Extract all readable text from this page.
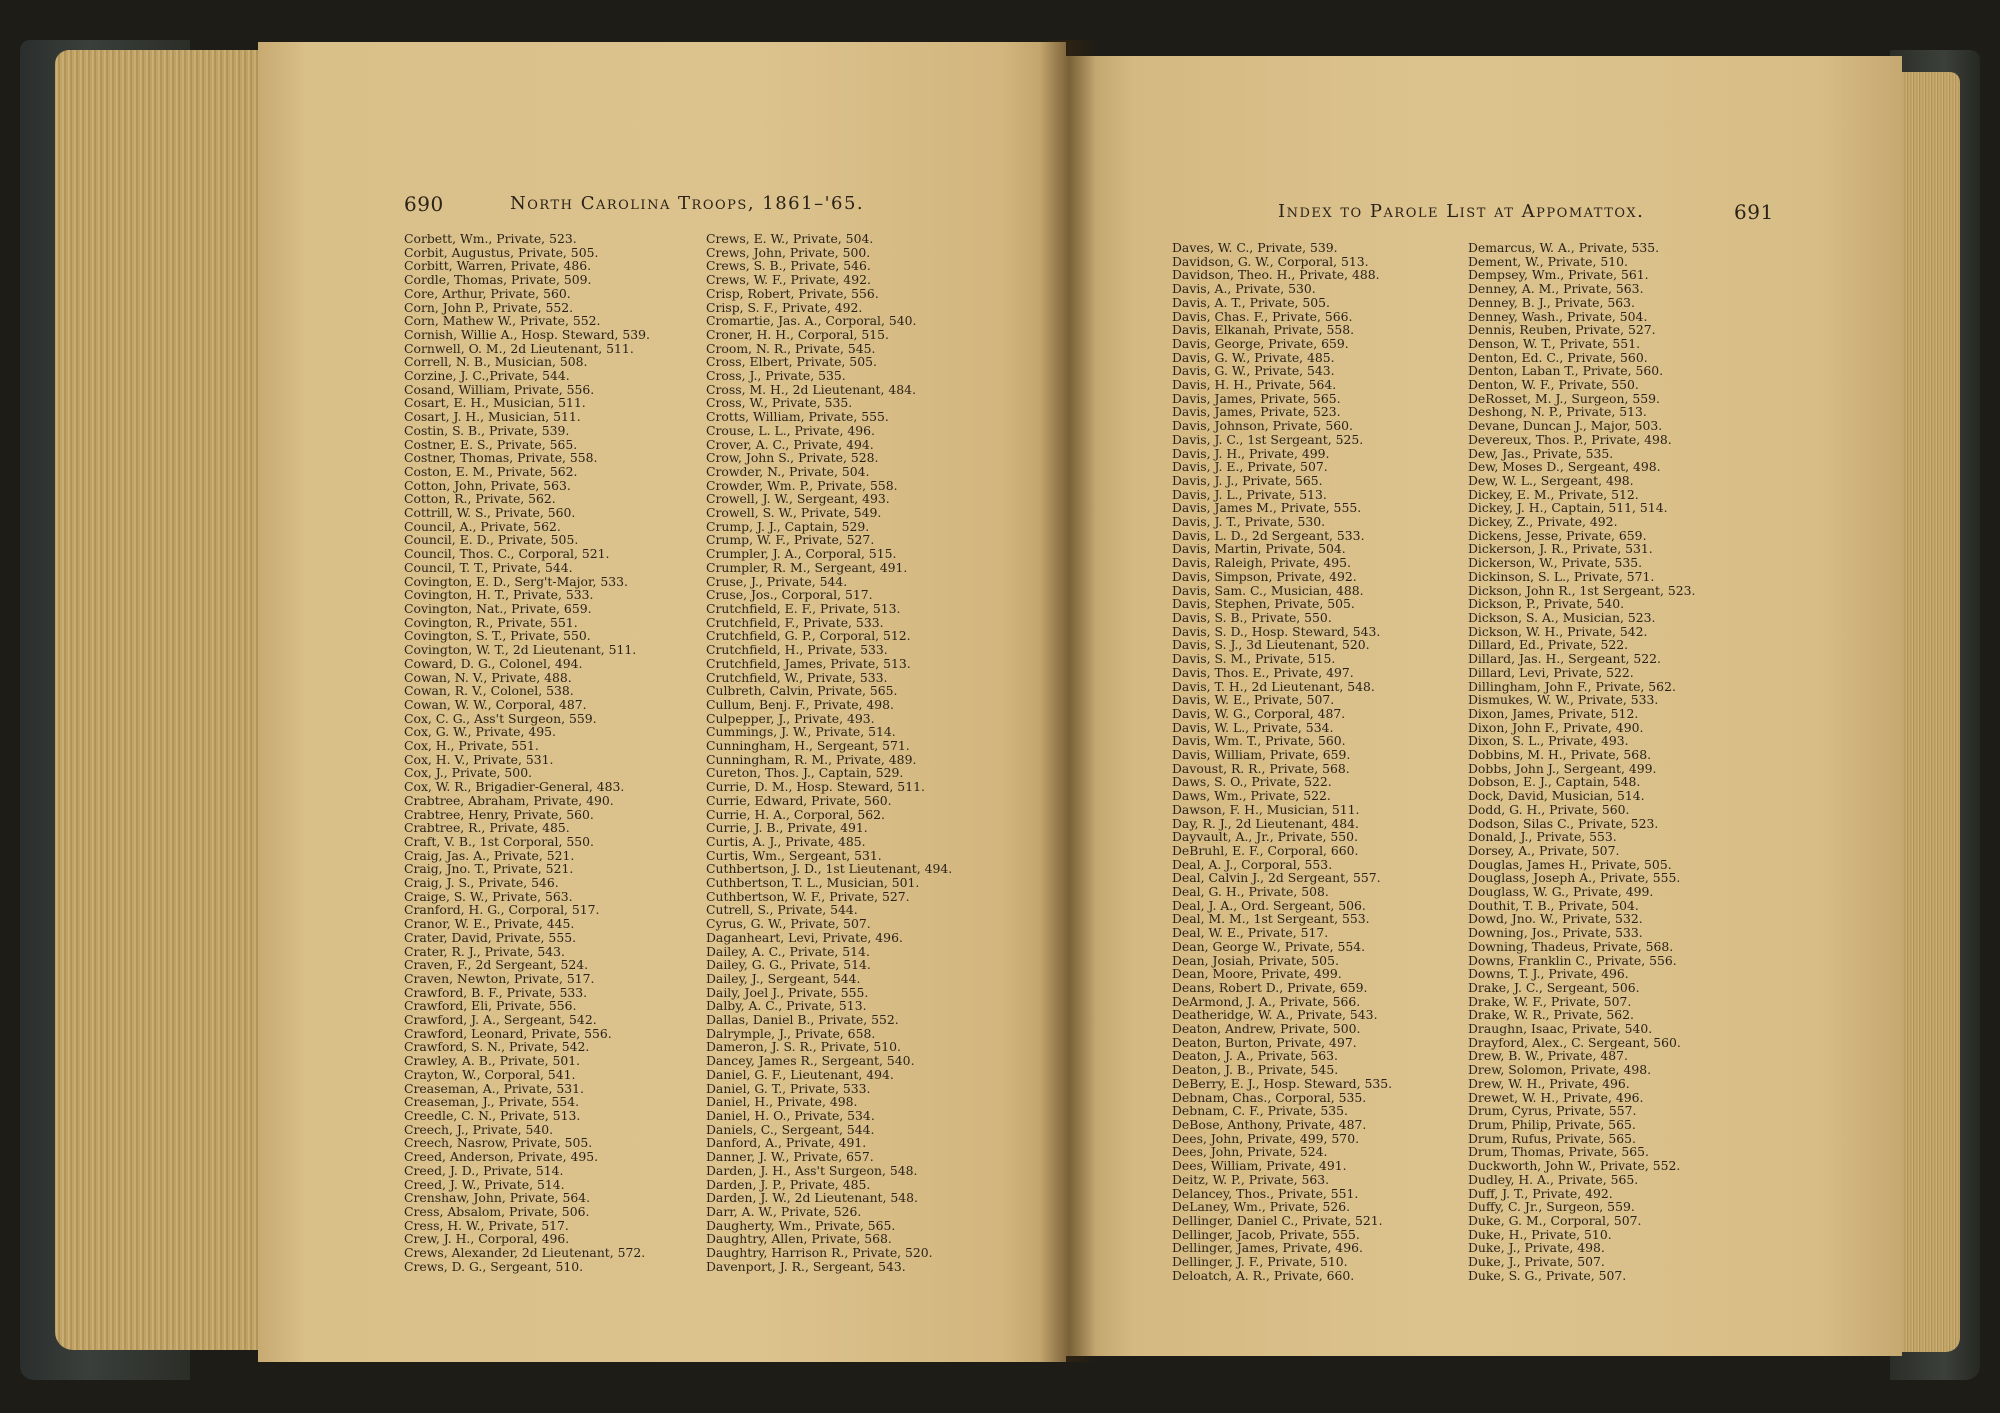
690	North Carolina Troops, 1861–'65.
Corbett, Wm., Private, 523.
Corbit, Augustus, Private, 505.
Corbitt, Warren, Private, 486.
Cordle, Thomas, Private, 509.
Core, Arthur, Private, 560.
Corn, John P., Private, 552.
Corn, Mathew W., Private, 552.
Cornish, Willie A., Hosp. Steward, 539.
Cornwell, O. M., 2d Lieutenant, 511.
Correll, N. B., Musician, 508.
Corzine, J. C.,Private, 544.
Cosand, William, Private, 556.
Cosart, E. H., Musician, 511.
Cosart, J. H., Musician, 511.
Costin, S. B., Private, 539.
Costner, E. S., Private, 565.
Costner, Thomas, Private, 558.
Coston, E. M., Private, 562.
Cotton, John, Private, 563.
Cotton, R., Private, 562.
Cottrill, W. S., Private, 560.
Council, A., Private, 562.
Council, E. D., Private, 505.
Council, Thos. C., Corporal, 521.
Council, T. T., Private, 544.
Covington, E. D., Serg't-Major, 533.
Covington, H. T., Private, 533.
Covington, Nat., Private, 659.
Covington, R., Private, 551.
Covington, S. T., Private, 550.
Covington, W. T., 2d Lieutenant, 511.
Coward, D. G., Colonel, 494.
Cowan, N. V., Private, 488.
Cowan, R. V., Colonel, 538.
Cowan, W. W., Corporal, 487.
Cox, C. G., Ass't Surgeon, 559.
Cox, G. W., Private, 495.
Cox, H., Private, 551.
Cox, H. V., Private, 531.
Cox, J., Private, 500.
Cox, W. R., Brigadier-General, 483.
Crabtree, Abraham, Private, 490.
Crabtree, Henry, Private, 560.
Crabtree, R., Private, 485.
Craft, V. B., 1st Corporal, 550.
Craig, Jas. A., Private, 521.
Craig, Jno. T., Private, 521.
Craig, J. S., Private, 546.
Craige, S. W., Private, 563.
Cranford, H. G., Corporal, 517.
Cranor, W. E., Private, 445.
Crater, David, Private, 555.
Crater, R. J., Private, 543.
Craven, F., 2d Sergeant, 524.
Craven, Newton, Private, 517.
Crawford, B. F., Private, 533.
Crawford, Eli, Private, 556.
Crawford, J. A., Sergeant, 542.
Crawford, Leonard, Private, 556.
Crawford, S. N., Private, 542.
Crawley, A. B., Private, 501.
Crayton, W., Corporal, 541.
Creaseman, A., Private, 531.
Creaseman, J., Private, 554.
Creedle, C. N., Private, 513.
Creech, J., Private, 540.
Creech, Nasrow, Private, 505.
Creed, Anderson, Private, 495.
Creed, J. D., Private, 514.
Creed, J. W., Private, 514.
Crenshaw, John, Private, 564.
Cress, Absalom, Private, 506.
Cress, H. W., Private, 517.
Crew, J. H., Corporal, 496.
Crews, Alexander, 2d Lieutenant, 572.
Crews, D. G., Sergeant, 510.
Crews, E. W., Private, 504.
Crews, John, Private, 500.
Crews, S. B., Private, 546.
Crews, W. F., Private, 492.
Crisp, Robert, Private, 556.
Crisp, S. F., Private, 492.
Cromartie, Jas. A., Corporal, 540.
Croner, H. H., Corporal, 515.
Croom, N. R., Private, 545.
Cross, Elbert, Private, 505.
Cross, J., Private, 535.
Cross, M. H., 2d Lieutenant, 484.
Cross, W., Private, 535.
Crotts, William, Private, 555.
Crouse, L. L., Private, 496.
Crover, A. C., Private, 494.
Crow, John S., Private, 528.
Crowder, N., Private, 504.
Crowder, Wm. P., Private, 558.
Crowell, J. W., Sergeant, 493.
Crowell, S. W., Private, 549.
Crump, J. J., Captain, 529.
Crump, W. F., Private, 527.
Crumpler, J. A., Corporal, 515.
Crumpler, R. M., Sergeant, 491.
Cruse, J., Private, 544.
Cruse, Jos., Corporal, 517.
Crutchfield, E. F., Private, 513.
Crutchfield, F., Private, 533.
Crutchfield, G. P., Corporal, 512.
Crutchfield, H., Private, 533.
Crutchfield, James, Private, 513.
Crutchfield, W., Private, 533.
Culbreth, Calvin, Private, 565.
Cullum, Benj. F., Private, 498.
Culpepper, J., Private, 493.
Cummings, J. W., Private, 514.
Cunningham, H., Sergeant, 571.
Cunningham, R. M., Private, 489.
Cureton, Thos. J., Captain, 529.
Currie, D. M., Hosp. Steward, 511.
Currie, Edward, Private, 560.
Currie, H. A., Corporal, 562.
Currie, J. B., Private, 491.
Curtis, A. J., Private, 485.
Curtis, Wm., Sergeant, 531.
Cuthbertson, J. D., 1st Lieutenant, 494.
Cuthbertson, T. L., Musician, 501.
Cuthbertson, W. F., Private, 527.
Cutrell, S., Private, 544.
Cyrus, G. W., Private, 507.
Daganheart, Levi, Private, 496.
Dailey, A. C., Private, 514.
Dailey, G. G., Private, 514.
Dailey, J., Sergeant, 544.
Daily, Joel J., Private, 555.
Dalby, A. C., Private, 513.
Dallas, Daniel B., Private, 552.
Dalrymple, J., Private, 658.
Dameron, J. S. R., Private, 510.
Dancey, James R., Sergeant, 540.
Daniel, G. F., Lieutenant, 494.
Daniel, G. T., Private, 533.
Daniel, H., Private, 498.
Daniel, H. O., Private, 534.
Daniels, C., Sergeant, 544.
Danford, A., Private, 491.
Danner, J. W., Private, 657.
Darden, J. H., Ass't Surgeon, 548.
Darden, J. P., Private, 485.
Darden, J. W., 2d Lieutenant, 548.
Darr, A. W., Private, 526.
Daugherty, Wm., Private, 565.
Daughtry, Allen, Private, 568.
Daughtry, Harrison R., Private, 520.
Davenport, J. R., Sergeant, 543.
Index to Parole List at Appomattox.	691
Daves, W. C., Private, 539.
Davidson, G. W., Corporal, 513.
Davidson, Theo. H., Private, 488.
Davis, A., Private, 530.
Davis, A. T., Private, 505.
Davis, Chas. F., Private, 566.
Davis, Elkanah, Private, 558.
Davis, George, Private, 659.
Davis, G. W., Private, 485.
Davis, G. W., Private, 543.
Davis, H. H., Private, 564.
Davis, James, Private, 565.
Davis, James, Private, 523.
Davis, Johnson, Private, 560.
Davis, J. C., 1st Sergeant, 525.
Davis, J. H., Private, 499.
Davis, J. E., Private, 507.
Davis, J. J., Private, 565.
Davis, J. L., Private, 513.
Davis, James M., Private, 555.
Davis, J. T., Private, 530.
Davis, L. D., 2d Sergeant, 533.
Davis, Martin, Private, 504.
Davis, Raleigh, Private, 495.
Davis, Simpson, Private, 492.
Davis, Sam. C., Musician, 488.
Davis, Stephen, Private, 505.
Davis, S. B., Private, 550.
Davis, S. D., Hosp. Steward, 543.
Davis, S. J., 3d Lieutenant, 520.
Davis, S. M., Private, 515.
Davis, Thos. E., Private, 497.
Davis, T. H., 2d Lieutenant, 548.
Davis, W. E., Private, 507.
Davis, W. G., Corporal, 487.
Davis, W. L., Private, 534.
Davis, Wm. T., Private, 560.
Davis, William, Private, 659.
Davoust, R. R., Private, 568.
Daws, S. O., Private, 522.
Daws, Wm., Private, 522.
Dawson, F. H., Musician, 511.
Day, R. J., 2d Lieutenant, 484.
Dayvault, A., Jr., Private, 550.
DeBruhl, E. F., Corporal, 660.
Deal, A. J., Corporal, 553.
Deal, Calvin J., 2d Sergeant, 557.
Deal, G. H., Private, 508.
Deal, J. A., Ord. Sergeant, 506.
Deal, M. M., 1st Sergeant, 553.
Deal, W. E., Private, 517.
Dean, George W., Private, 554.
Dean, Josiah, Private, 505.
Dean, Moore, Private, 499.
Deans, Robert D., Private, 659.
DeArmond, J. A., Private, 566.
Deatheridge, W. A., Private, 543.
Deaton, Andrew, Private, 500.
Deaton, Burton, Private, 497.
Deaton, J. A., Private, 563.
Deaton, J. B., Private, 545.
DeBerry, E. J., Hosp. Steward, 535.
Debnam, Chas., Corporal, 535.
Debnam, C. F., Private, 535.
DeBose, Anthony, Private, 487.
Dees, John, Private, 499, 570.
Dees, John, Private, 524.
Dees, William, Private, 491.
Deitz, W. P., Private, 563.
Delancey, Thos., Private, 551.
DeLaney, Wm., Private, 526.
Dellinger, Daniel C., Private, 521.
Dellinger, Jacob, Private, 555.
Dellinger, James, Private, 496.
Dellinger, J. F., Private, 510.
Deloatch, A. R., Private, 660.
Demarcus, W. A., Private, 535.
Dement, W., Private, 510.
Dempsey, Wm., Private, 561.
Denney, A. M., Private, 563.
Denney, B. J., Private, 563.
Denney, Wash., Private, 504.
Dennis, Reuben, Private, 527.
Denson, W. T., Private, 551.
Denton, Ed. C., Private, 560.
Denton, Laban T., Private, 560.
Denton, W. F., Private, 550.
DeRosset, M. J., Surgeon, 559.
Deshong, N. P., Private, 513.
Devane, Duncan J., Major, 503.
Devereux, Thos. P., Private, 498.
Dew, Jas., Private, 535.
Dew, Moses D., Sergeant, 498.
Dew, W. L., Sergeant, 498.
Dickey, E. M., Private, 512.
Dickey, J. H., Captain, 511, 514.
Dickey, Z., Private, 492.
Dickens, Jesse, Private, 659.
Dickerson, J. R., Private, 531.
Dickerson, W., Private, 535.
Dickinson, S. L., Private, 571.
Dickson, John R., 1st Sergeant, 523.
Dickson, P., Private, 540.
Dickson, S. A., Musician, 523.
Dickson, W. H., Private, 542.
Dillard, Ed., Private, 522.
Dillard, Jas. H., Sergeant, 522.
Dillard, Levi, Private, 522.
Dillingham, John F., Private, 562.
Dismukes, W. W., Private, 533.
Dixon, James, Private, 512.
Dixon, John F., Private, 490.
Dixon, S. L., Private, 493.
Dobbins, M. H., Private, 568.
Dobbs, John J., Sergeant, 499.
Dobson, E. J., Captain, 548.
Dock, David, Musician, 514.
Dodd, G. H., Private, 560.
Dodson, Silas C., Private, 523.
Donald, J., Private, 553.
Dorsey, A., Private, 507.
Douglas, James H., Private, 505.
Douglass, Joseph A., Private, 555.
Douglass, W. G., Private, 499.
Douthit, T. B., Private, 504.
Dowd, Jno. W., Private, 532.
Downing, Jos., Private, 533.
Downing, Thadeus, Private, 568.
Downs, Franklin C., Private, 556.
Downs, T. J., Private, 496.
Drake, J. C., Sergeant, 506.
Drake, W. F., Private, 507.
Drake, W. R., Private, 562.
Draughn, Isaac, Private, 540.
Drayford, Alex., C. Sergeant, 560.
Drew, B. W., Private, 487.
Drew, Solomon, Private, 498.
Drew, W. H., Private, 496.
Drewet, W. H., Private, 496.
Drum, Cyrus, Private, 557.
Drum, Philip, Private, 565.
Drum, Rufus, Private, 565.
Drum, Thomas, Private, 565.
Duckworth, John W., Private, 552.
Dudley, H. A., Private, 565.
Duff, J. T., Private, 492.
Duffy, C. Jr., Surgeon, 559.
Duke, G. M., Corporal, 507.
Duke, H., Private, 510.
Duke, J., Private, 498.
Duke, J., Private, 507.
Duke, S. G., Private, 507.
